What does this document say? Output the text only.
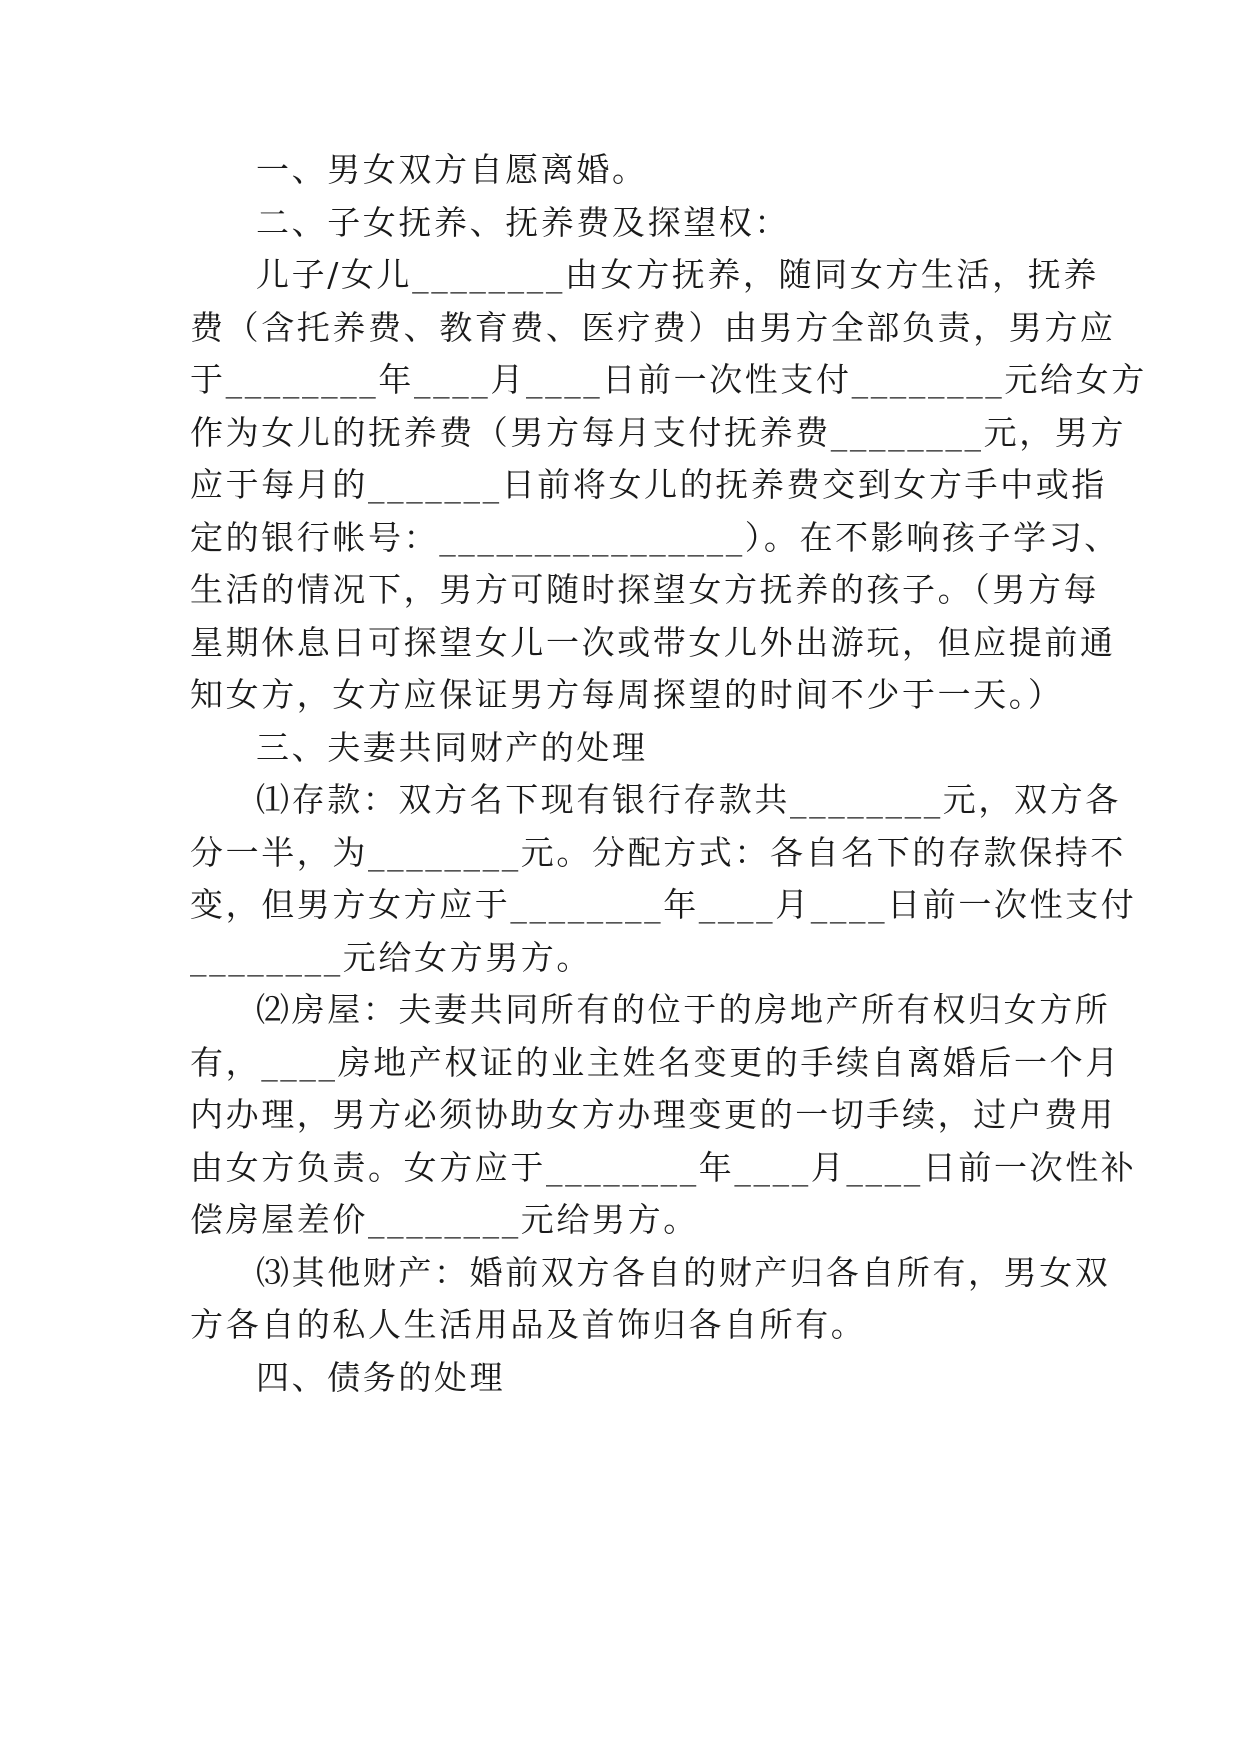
一、男女双方自愿离婚。
二、子女抚养、抚养费及探望权：
儿子/女儿________由女方抚养，随同女方生活，抚养
费（含托养费、教育费、医疗费）由男方全部负责，男方应
于________年____月____日前一次性支付________元给女方
作为女儿的抚养费（男方每月支付抚养费________元，男方
应于每月的_______日前将女儿的抚养费交到女方手中或指
定的银行帐号：________________）。在不影响孩子学习、
生活的情况下，男方可随时探望女方抚养的孩子。（男方每
星期休息日可探望女儿一次或带女儿外出游玩，但应提前通
知女方，女方应保证男方每周探望的时间不少于一天。）
三、夫妻共同财产的处理
⑴存款：双方名下现有银行存款共________元，双方各
分一半，为________元。分配方式：各自名下的存款保持不
变，但男方女方应于________年____月____日前一次性支付
________元给女方男方。
⑵房屋：夫妻共同所有的位于的房地产所有权归女方所
有，____房地产权证的业主姓名变更的手续自离婚后一个月
内办理，男方必须协助女方办理变更的一切手续，过户费用
由女方负责。女方应于________年____月____日前一次性补
偿房屋差价________元给男方。
⑶其他财产：婚前双方各自的财产归各自所有，男女双
方各自的私人生活用品及首饰归各自所有。
四、债务的处理
